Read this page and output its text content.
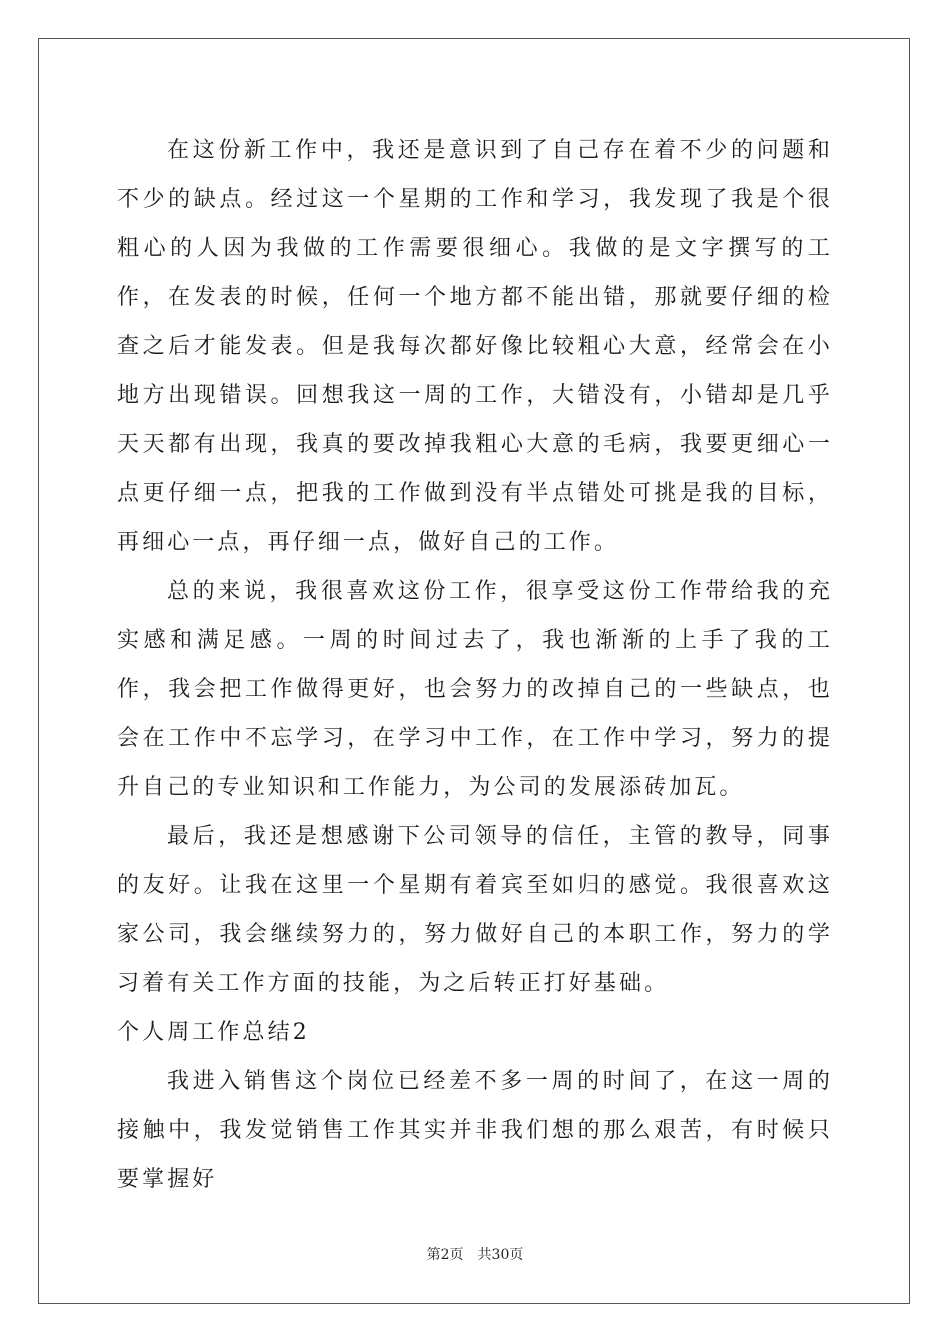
在这份新工作中，我还是意识到了自己存在着不少的问题和不少的缺点。经过这一个星期的工作和学习，我发现了我是个很粗心的人因为我做的工作需要很细心。我做的是文字撰写的工作，在发表的时候，任何一个地方都不能出错，那就要仔细的检查之后才能发表。但是我每次都好像比较粗心大意，经常会在小地方出现错误。回想我这一周的工作，大错没有，小错却是几乎天天都有出现，我真的要改掉我粗心大意的毛病，我要更细心一点更仔细一点，把我的工作做到没有半点错处可挑是我的目标，再细心一点，再仔细一点，做好自己的工作。

总的来说，我很喜欢这份工作，很享受这份工作带给我的充实感和满足感。一周的时间过去了，我也渐渐的上手了我的工作，我会把工作做得更好，也会努力的改掉自己的一些缺点，也会在工作中不忘学习，在学习中工作，在工作中学习，努力的提升自己的专业知识和工作能力，为公司的发展添砖加瓦。

最后，我还是想感谢下公司领导的信任，主管的教导，同事的友好。让我在这里一个星期有着宾至如归的感觉。我很喜欢这家公司，我会继续努力的，努力做好自己的本职工作，努力的学习着有关工作方面的技能，为之后转正打好基础。

个人周工作总结2

我进入销售这个岗位已经差不多一周的时间了，在这一周的接触中，我发觉销售工作其实并非我们想的那么艰苦，有时候只要掌握好

第2页 共30页
